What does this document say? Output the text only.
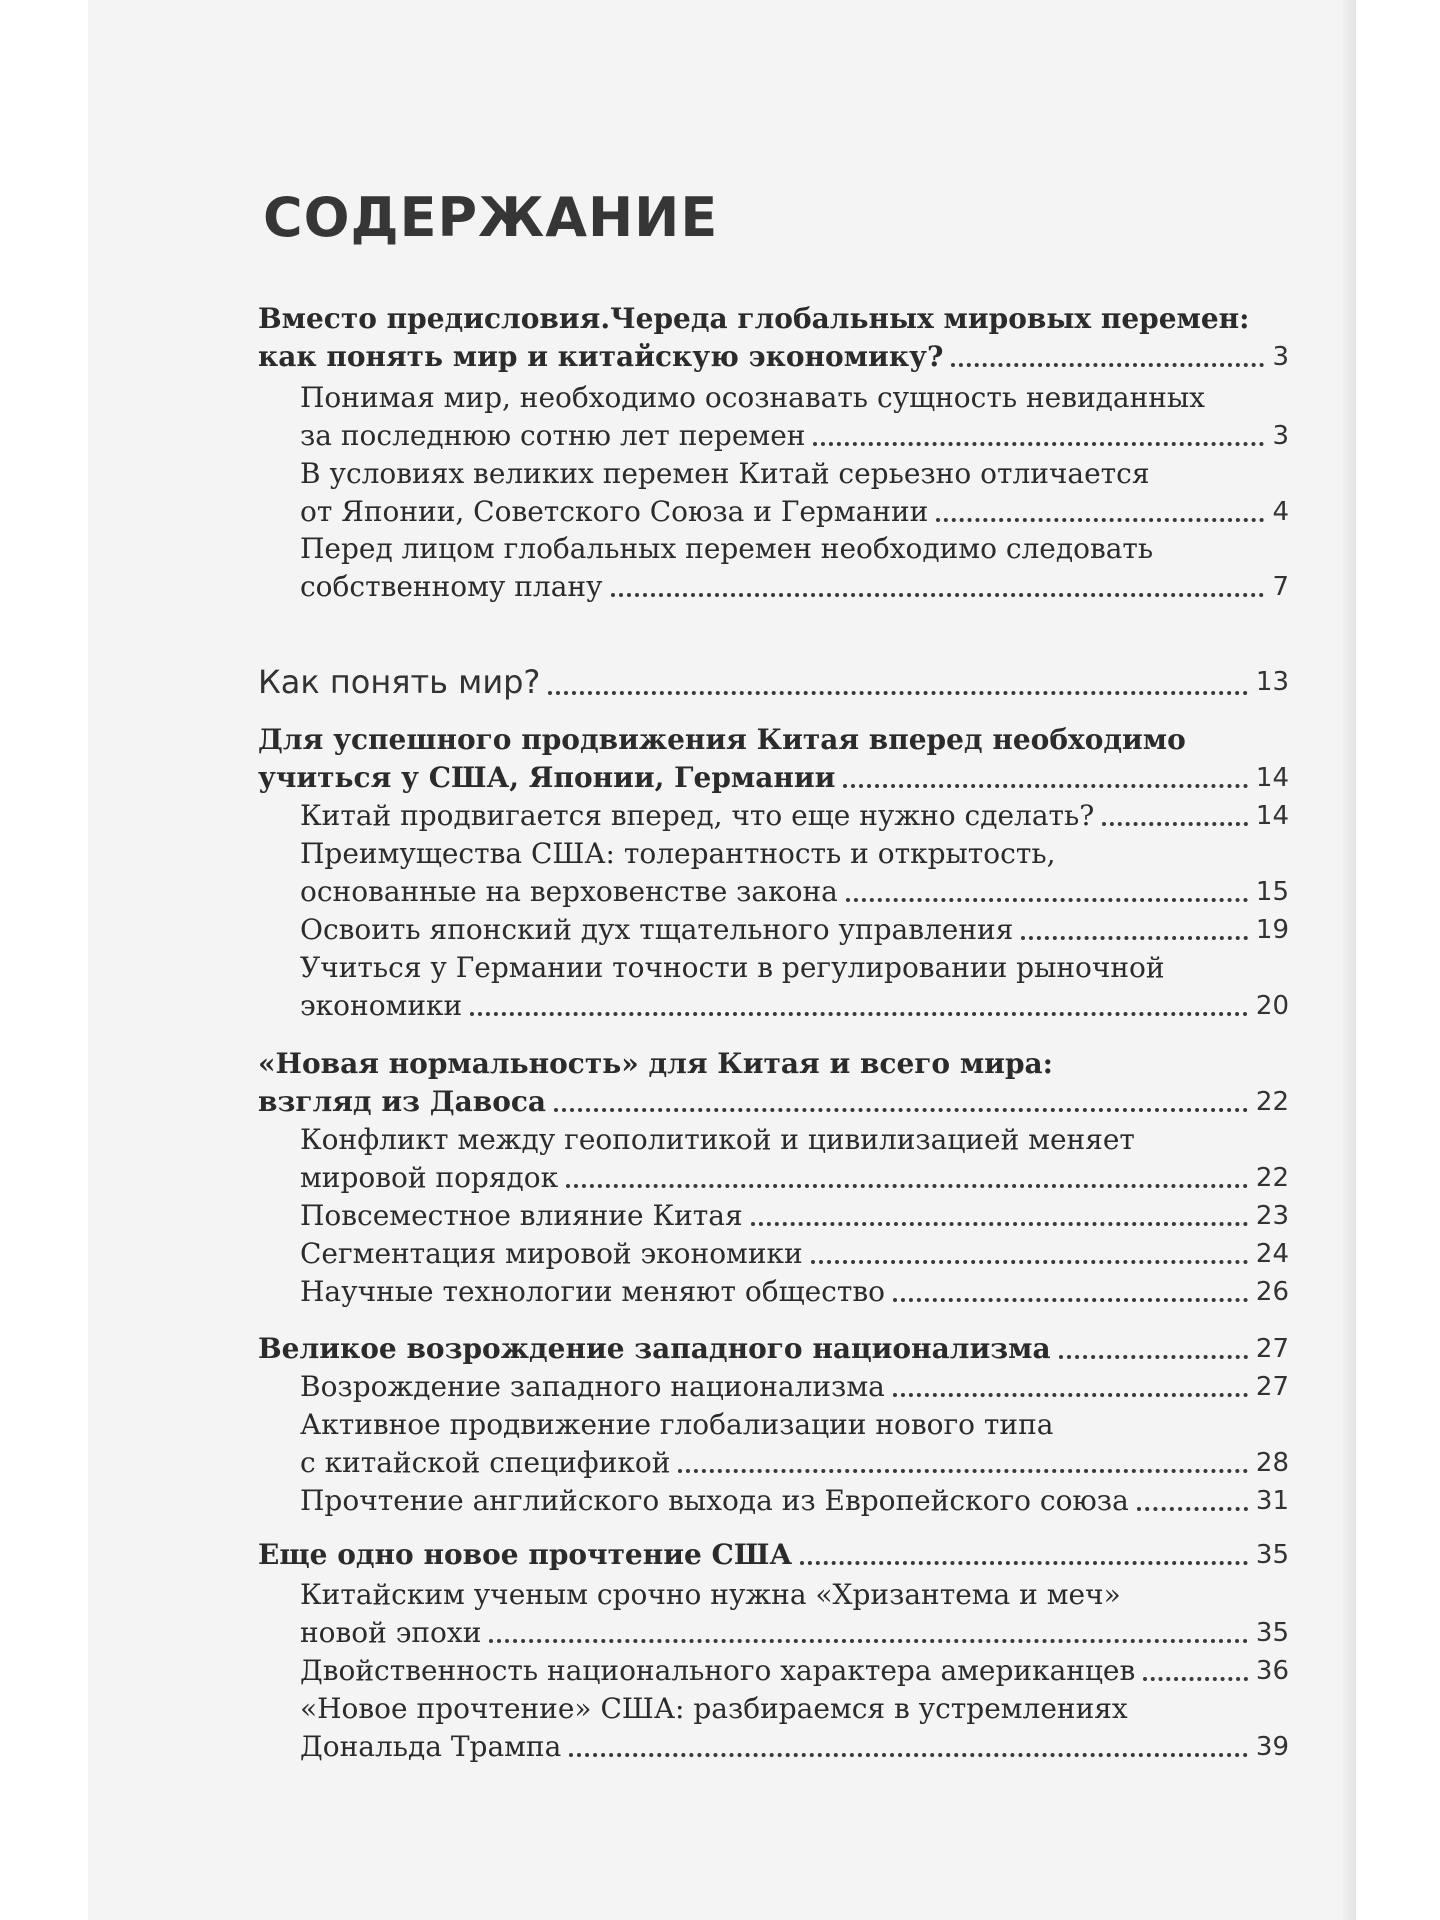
СОДЕРЖАНИЕ
Вместо предисловия.Череда глобальных мировых перемен:
как понять мир и китайскую экономику?	3
Понимая мир, необходимо осознавать сущность невиданных
за последнюю сотню лет перемен	3
В условиях великих перемен Китай серьезно отличается
от Японии, Советского Союза и Германии	4
Перед лицом глобальных перемен необходимо следовать
собственному плану	7
Как понять мир?	13
Для успешного продвижения Китая вперед необходимо
учиться у США, Японии, Германии	14
Китай продвигается вперед, что еще нужно сделать?	14
Преимущества США: толерантность и открытость,
основанные на верховенстве закона	15
Освоить японский дух тщательного управления	19
Учиться у Германии точности в регулировании рыночной
экономики	20
«Новая нормальность» для Китая и всего мира:
взгляд из Давоса	22
Конфликт между геополитикой и цивилизацией меняет
мировой порядок	22
Повсеместное влияние Китая	23
Сегментация мировой экономики	24
Научные технологии меняют общество	26
Великое возрождение западного национализма	27
Возрождение западного национализма	27
Активное продвижение глобализации нового типа
с китайской спецификой	28
Прочтение английского выхода из Европейского союза	31
Еще одно новое прочтение США	35
Китайским ученым срочно нужна «Хризантема и меч»
новой эпохи	35
Двойственность национального характера американцев	36
«Новое прочтение» США: разбираемся в устремлениях
Дональда Трампа	39
